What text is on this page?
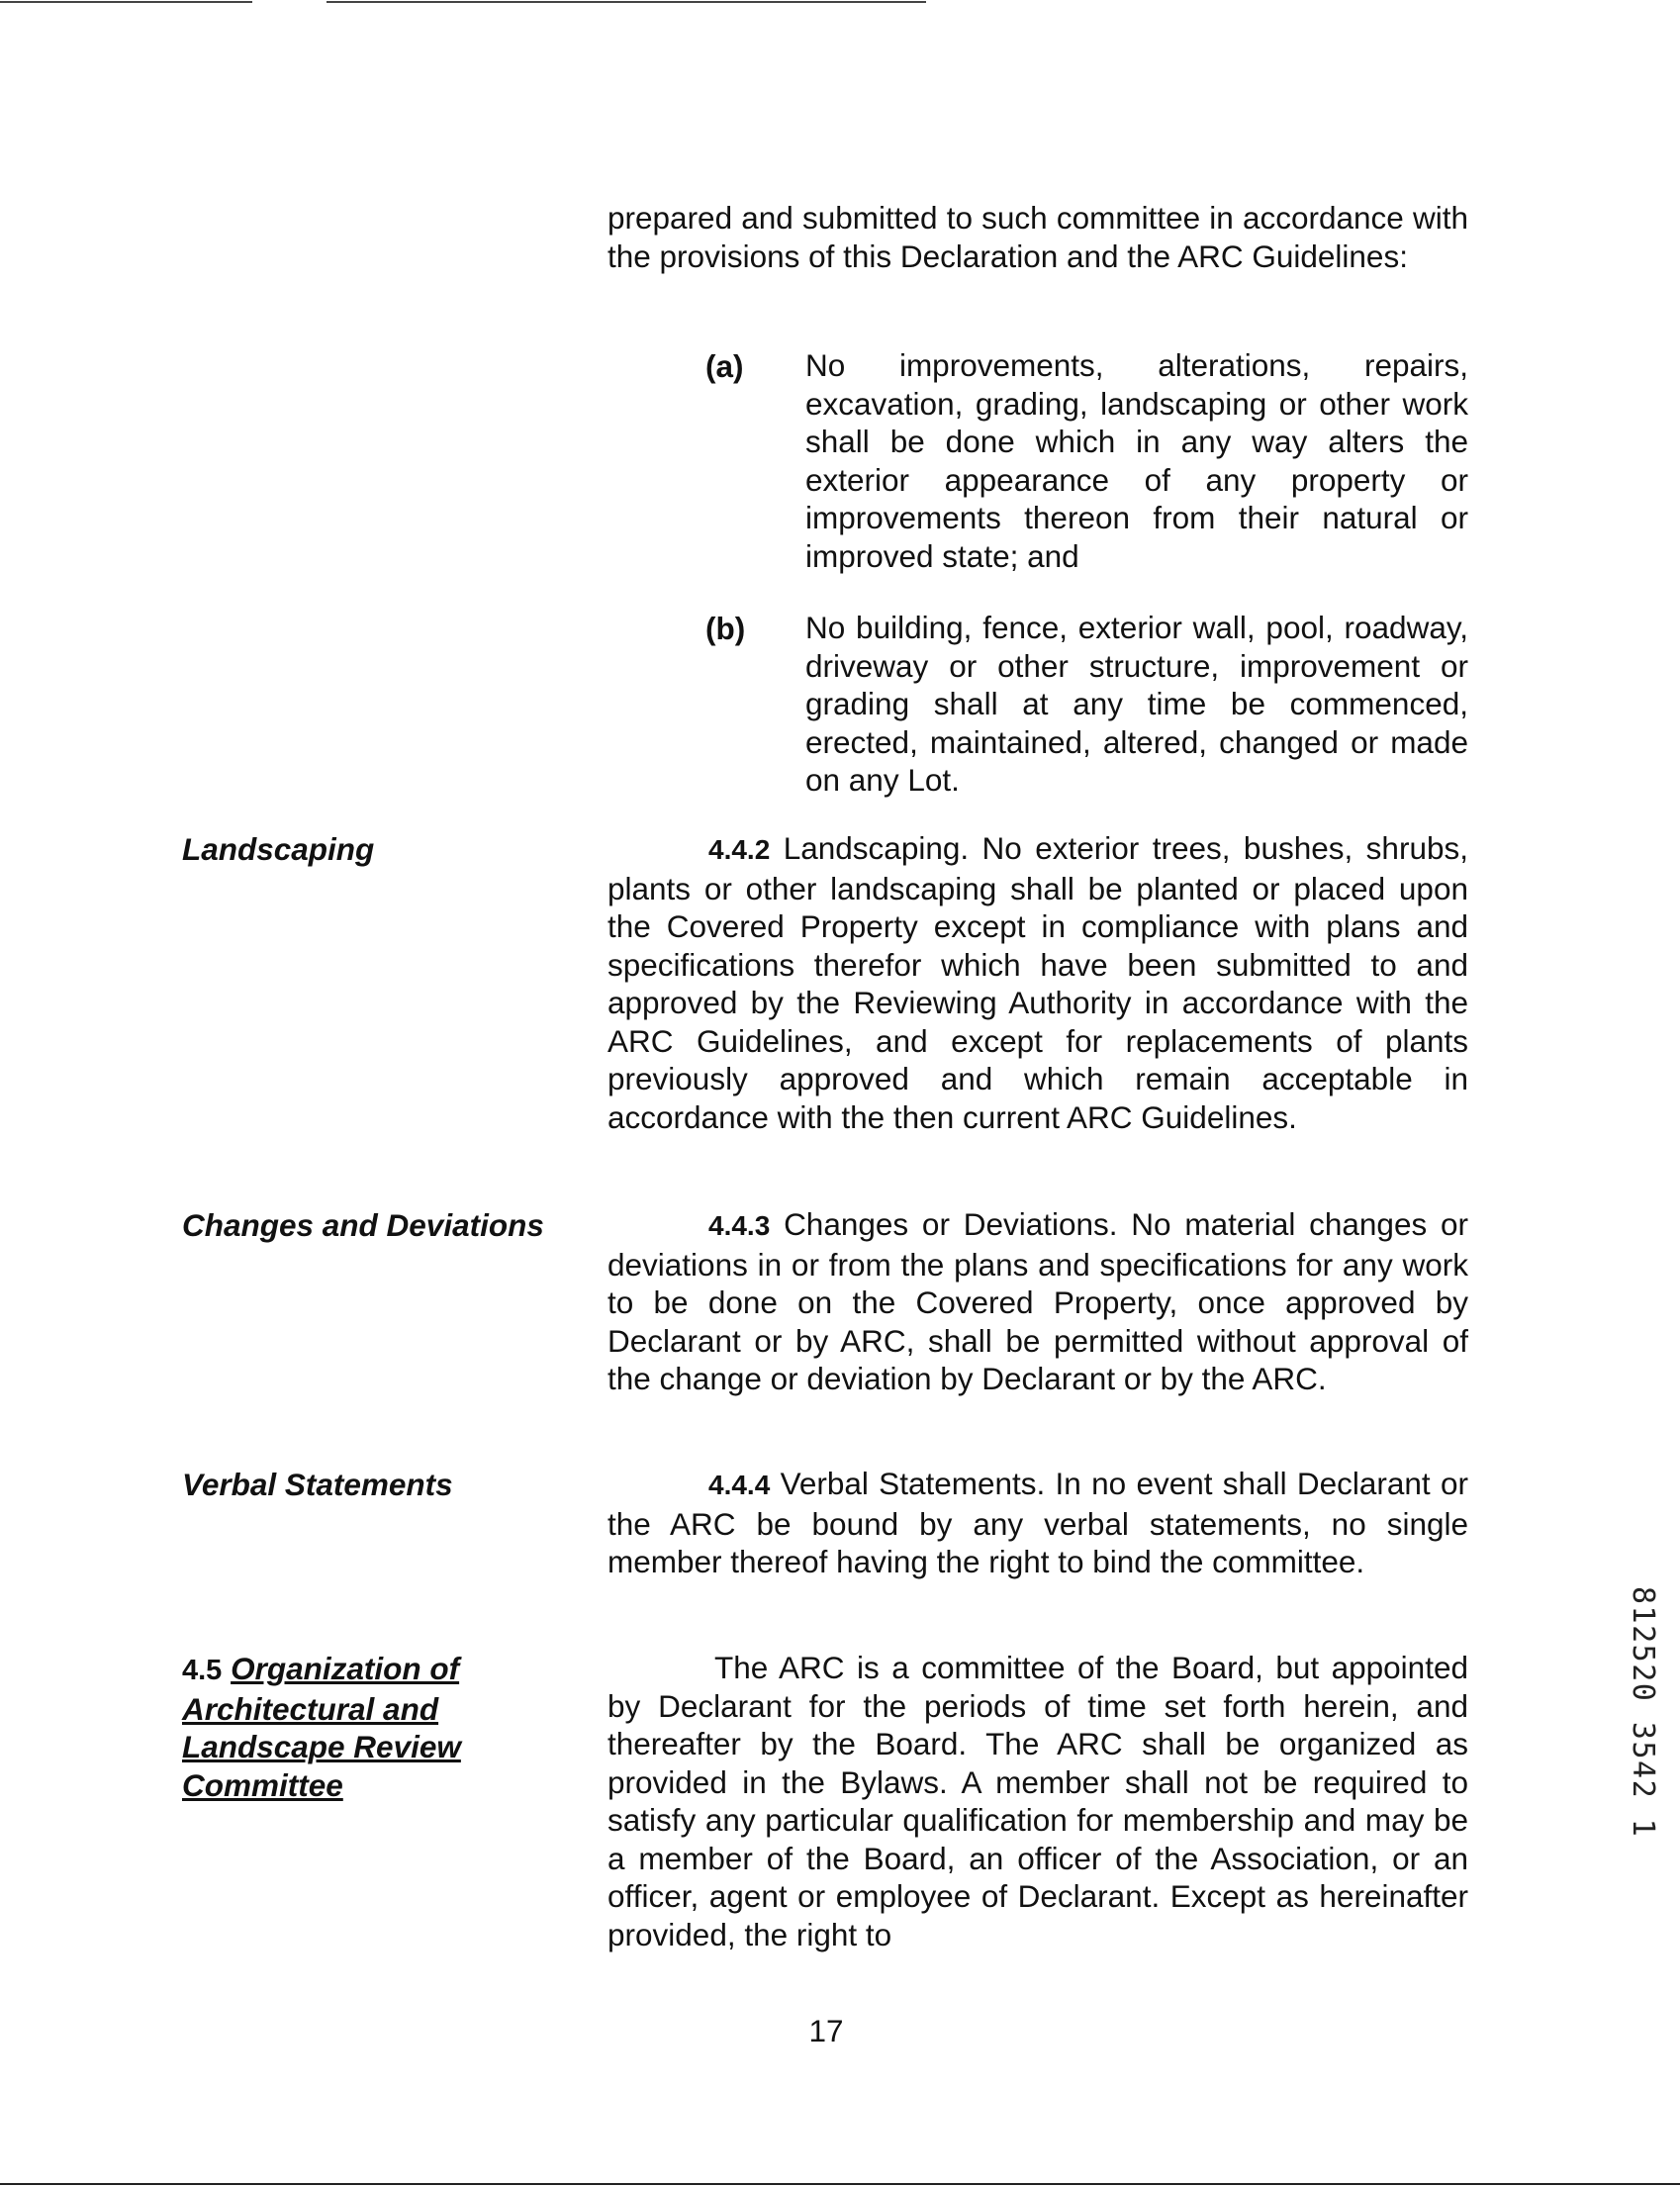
prepared and submitted to such committee in accordance with the provisions of this Declaration and the ARC Guidelines:
(a)	No improvements, alterations, repairs, excavation, grading, landscaping or other work shall be done which in any way alters the exterior appearance of any property or improvements thereon from their natural or improved state; and
(b)	No building, fence, exterior wall, pool, roadway, driveway or other structure, improvement or grading shall at any time be commenced, erected, maintained, altered, changed or made on any Lot.
Landscaping	4.4.2 Landscaping. No exterior trees, bushes, shrubs, plants or other landscaping shall be planted or placed upon the Covered Property except in compliance with plans and specifications therefor which have been submitted to and approved by the Reviewing Authority in accordance with the ARC Guidelines, and except for replacements of plants previously approved and which remain acceptable in accordance with the then current ARC Guidelines.
Changes and Deviations	4.4.3 Changes or Deviations. No material changes or deviations in or from the plans and specifications for any work to be done on the Covered Property, once approved by Declarant or by ARC, shall be permitted without approval of the change or deviation by Declarant or by the ARC.
Verbal Statements	4.4.4 Verbal Statements. In no event shall Declarant or the ARC be bound by any verbal statements, no single member thereof having the right to bind the committee.
4.5 Organization of Architectural and Landscape Review Committee
The ARC is a committee of the Board, but appointed by Declarant for the periods of time set forth herein, and thereafter by the Board. The ARC shall be organized as provided in the Bylaws. A member shall not be required to satisfy any particular qualification for membership and may be a member of the Board, an officer of the Association, or an officer, agent or employee of Declarant. Except as hereinafter provided, the right to
17
812520 3542 1
